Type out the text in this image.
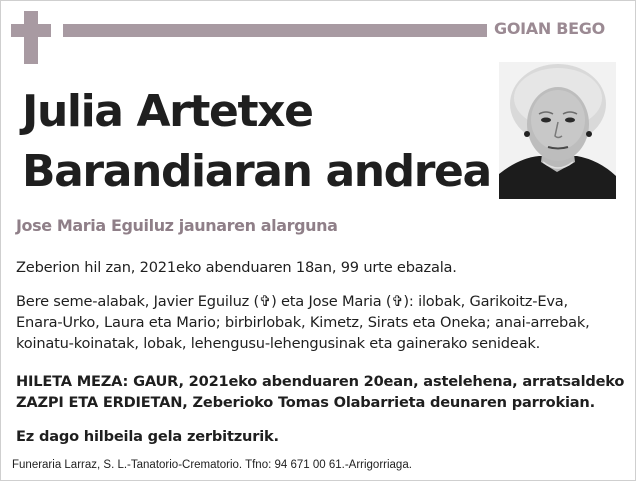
GOIAN BEGO
Julia Artetxe
Barandiaran andrea
Jose Maria Eguiluz jaunaren alarguna
Zeberion hil zan, 2021eko abenduaren 18an, 99 urte ebazala.
Bere seme-alabak, Javier Eguiluz (✞) eta Jose Maria (✞): ilobak, Garikoitz-Eva,
Enara-Urko, Laura eta Mario; birbirlobak, Kimetz, Sirats eta Oneka; anai-arrebak,
koinatu-koinatak, lobak, lehengusu-lehengusinak eta gainerako senideak.
HILETA MEZA: GAUR, 2021eko abenduaren 20ean, astelehena, arratsaldeko
ZAZPI ETA ERDIETAN, Zeberioko Tomas Olabarrieta deunaren parrokian.
Ez dago hilbeila gela zerbitzurik.
Funeraria Larraz, S. L.-Tanatorio-Crematorio. Tfno: 94 671 00 61.-Arrigorriaga.
